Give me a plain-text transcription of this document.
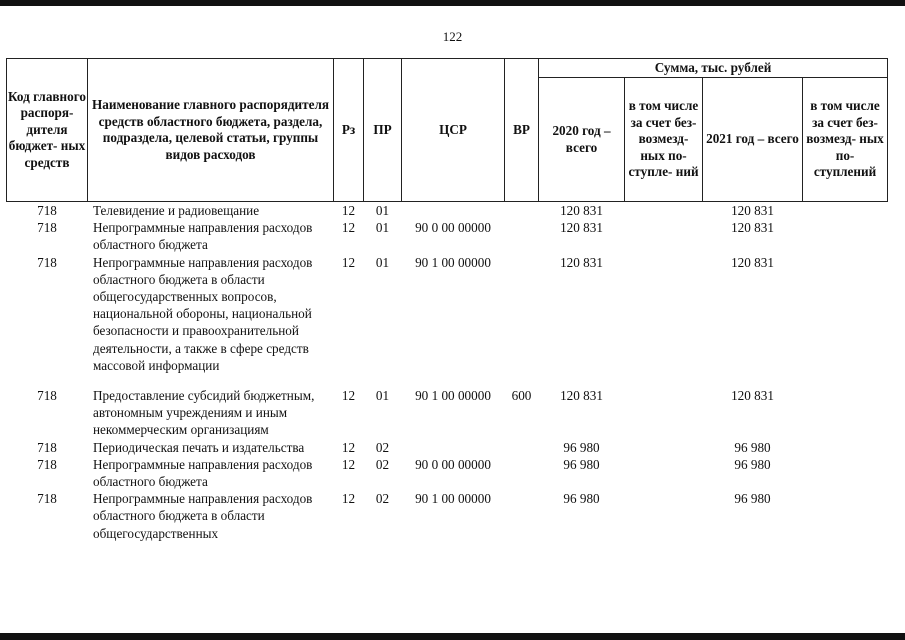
122
Код главного распоря- дителя бюджет- ных средств	Наименование главного распорядителя средств областного бюджета, раздела, подраздела, целевой статьи, группы видов расходов	Рз	ПР	ЦСР	ВР	Сумма, тыс. рублей			
						2020 год – всего	в том числе за счет без- возмезд- ных по- ступле- ний	2021 год – всего	в том числе за счет без- возмезд- ных по- ступлений
718	Телевидение и радиовещание	12	01			120 831		120 831	
718	Непрограммные направления расходов областного бюджета	12	01	90 0 00 00000		120 831		120 831	
718	Непрограммные направления расходов областного бюджета в области общегосударственных вопросов, национальной обороны, национальной безопасности и правоохранительной деятельности, а также в сфере средств массовой информации	12	01	90 1 00 00000		120 831		120 831	
718	Предоставление субсидий бюджетным, автономным учреждениям и иным некоммерческим организациям	12	01	90 1 00 00000	600	120 831		120 831	
718	Периодическая печать и издательства	12	02			96 980		96 980	
718	Непрограммные направления расходов областного бюджета	12	02	90 0 00 00000		96 980		96 980	
718	Непрограммные направления расходов областного бюджета в области общегосударственных	12	02	90 1 00 00000		96 980		96 980	
